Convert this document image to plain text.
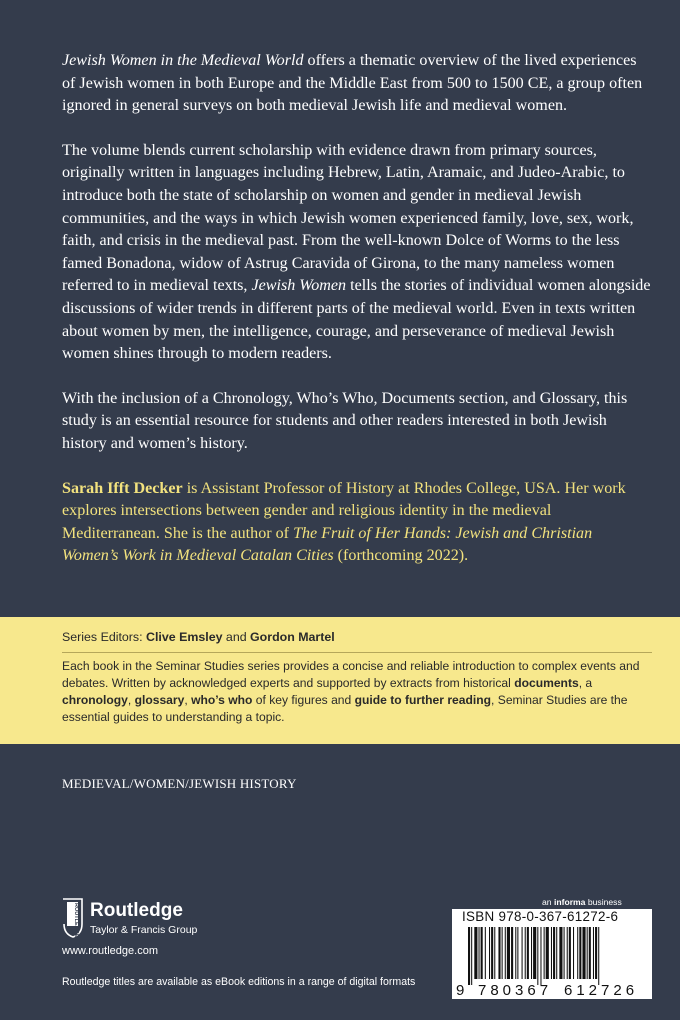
Jewish Women in the Medieval World offers a thematic overview of the lived experiences of Jewish women in both Europe and the Middle East from 500 to 1500 CE, a group often ignored in general surveys on both medieval Jewish life and medieval women.

The volume blends current scholarship with evidence drawn from primary sources, originally written in languages including Hebrew, Latin, Aramaic, and Judeo-Arabic, to introduce both the state of scholarship on women and gender in medieval Jewish communities, and the ways in which Jewish women experienced family, love, sex, work, faith, and crisis in the medieval past. From the well-known Dolce of Worms to the less famed Bonadona, widow of Astrug Caravida of Girona, to the many nameless women referred to in medieval texts, Jewish Women tells the stories of individual women alongside discussions of wider trends in different parts of the medieval world. Even in texts written about women by men, the intelligence, courage, and perseverance of medieval Jewish women shines through to modern readers.

With the inclusion of a Chronology, Who’s Who, Documents section, and Glossary, this study is an essential resource for students and other readers interested in both Jewish history and women’s history.

Sarah Ifft Decker is Assistant Professor of History at Rhodes College, USA. Her work explores intersections between gender and religious identity in the medieval Mediterranean. She is the author of The Fruit of Her Hands: Jewish and Christian Women’s Work in Medieval Catalan Cities (forthcoming 2022).

Series Editors: Clive Emsley and Gordon Martel
Each book in the Seminar Studies series provides a concise and reliable introduction to complex events and debates. Written by acknowledged experts and supported by extracts from historical documents, a chronology, glossary, who’s who of key figures and guide to further reading, Seminar Studies are the essential guides to understanding a topic.
MEDIEVAL/WOMEN/JEWISH HISTORY
ROUTLEDGE Routledge
Taylor & Francis Group
www.routledge.com
Routledge titles are available as eBook editions in a range of digital formats
an informa business
9 780367 612726
ISBN 978-0-367-61272-6
